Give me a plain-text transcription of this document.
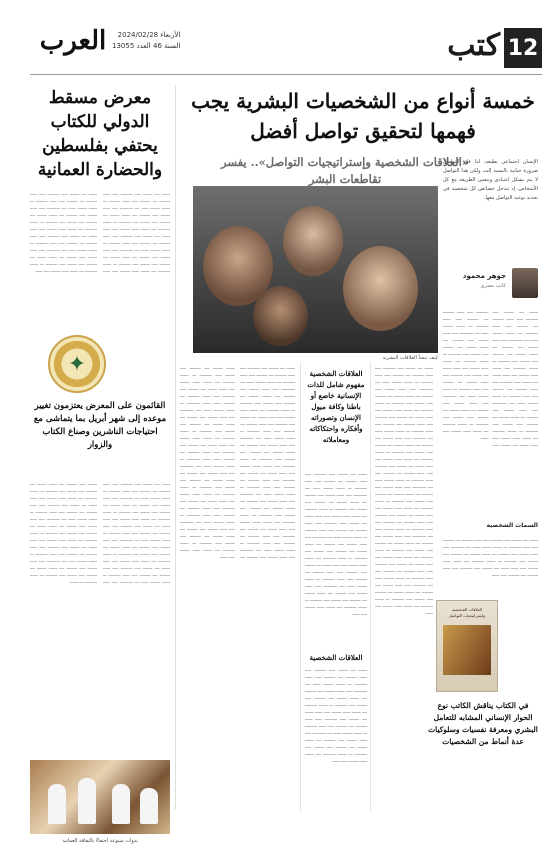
12
كتب
العرب	الأربعاء 2024/02/28
السنة 46 العدد 13055
معرض مسقط الدولي للكتاب يحتفي بفلسطين والحضارة العمانية
ـــــــ ــــ ــــــــ ـــــ ــــــــــ ـــــ ــــــ ـــــــــ ــــ ـــــــــ ـــــ ــــــ ــــــــــ ـــ ـــــــ ــــــــ ــــــ ــــ ـــــــــــ ـــــ ــــــ ــــــــ ـــــ ـــــــــ ــــ ـــــــ ــــــــ ــــ ـــــــــ ـــــ ــــــــ ـــــ ــــــــــ ـــ ـــــــ ــــــــــ ــــ ـــــــ ــــــ ــــــــ ـــــ ــــــ ـــــــ ــــ ــــــــ ـــــ ــــــــــ ـــــ ــــــ ـــــــــ ــــ ـــــــــ ـــــ ــــــ ــــــــــ ـــ ـــــــ ــــــــ ــــــ ــــ ـــــــــــ ـــــ ــــــ ــــــــ ـــــ ـــــــــ ــــ ـــــــ ــــــــ ــــ ـــــــــ ـــــ ــــــــ ـــــ ــــــــــ ـــ ـــــــ ــــــــــ ــــ ـــــــ ــــــ ــــــــ ـــــ ــــــ ـــــــ ــــ ــــــــ ـــــ ــــــــــ ـــــ ــــــ ـــــــــ ــــ ـــــــــ ـــــ ــــــ ــــــــــ ـــ ـــــــ ــــــــ ــــــ ــــ ـــــــــــ ـــــ ــــــ ــــــــ ـــــ ـــــــــ ــــ ـــــــ ــــــــ ــــ ـــــــــ ـــــ ــــــــ ـــــ ــــــــــ ـــ ـــــــ ــــــــــ ــــ ـــــــ ــــــ ــــــــ ـــــ ــــــ ـــــــ ــــ ــــــــ ـــــ ــــــــــ ـــــ ــــــ ـــــــــ ــــ ـــــــــ ـــــ ــــــ ــــــــــ ـــ ـــــــ ــــــــ ــــــ ــــ ـــــــــــ ـــــ ــــــ ــــــــ ـــــ ـــــــــ ــــ ـــــــ ــــــــ ــــ ـــــــــ ـــــ ــــــــ ـــــ ــــــــــ ـــ ـــــــ ــــــــــ ــــ ـــــــ ــــــ ــــــــ ـــــ ــــــ
✦
القائمون على المعرض يعتزمون تغيير موعده إلى شهر أبريل بما يتماشى مع احتياجات الناشرين وصناع الكتاب والزوار
ـــــــ ــــ ــــــــ ـــــ ــــــــــ ـــــ ــــــ ـــــــــ ــــ ـــــــــ ـــــ ــــــ ــــــــــ ـــ ـــــــ ــــــــ ــــــ ــــ ـــــــــــ ـــــ ــــــ ــــــــ ـــــ ـــــــــ ــــ ـــــــ ــــــــ ــــ ـــــــــ ـــــ ــــــــ ـــــ ــــــــــ ـــ ـــــــ ــــــــــ ــــ ـــــــ ــــــ ــــــــ ـــــ ــــــ ـــــــ ــــ ــــــــ ـــــ ــــــــــ ـــــ ــــــ ـــــــــ ــــ ـــــــــ ـــــ ــــــ ــــــــــ ـــ ـــــــ ــــــــ ــــــ ــــ ـــــــــــ ـــــ ــــــ ــــــــ ـــــ ـــــــــ ــــ ـــــــ ــــــــ ــــ ـــــــــ ـــــ ــــــــ ـــــ ــــــــــ ـــ ـــــــ ــــــــــ ــــ ـــــــ ــــــ ــــــــ ـــــ ــــــ ـــــــ ــــ ــــــــ ـــــ ــــــــــ ـــــ ــــــ ـــــــــ ــــ ـــــــــ ـــــ ــــــ ــــــــــ ـــ ـــــــ ــــــــ ــــــ ــــ ـــــــــــ ـــــ ــــــ ــــــــ ـــــ ـــــــــ ــــ ـــــــ ــــــــ ــــ ـــــــــ ـــــ ــــــــ ـــــ ــــــــــ ـــ ـــــــ ــــــــــ ــــ ـــــــ ــــــ ــــــــ ـــــ ــــــ ـــــــ ــــ ــــــــ ـــــ ــــــــــ ـــــ ــــــ ـــــــــ ــــ ـــــــــ ـــــ ــــــ ــــــــــ ـــ ـــــــ ــــــــ ــــــ ــــ ـــــــــــ ـــــ ــــــ ــــــــ ـــــ ـــــــــ ــــ ـــــــ ــــــــ ــــ ـــــــــ ـــــ ــــــــ ـــــ ــــــــــ ـــ ـــــــ ــــــــــ ــــ ـــــــ ــــــ ــــــــ ـــــ ــــــ ـــــــ ــــ ــــــــ ـــــ ــــــــــ ـــــ ــــــ ـــــــــ ــــ ـــــــــ ـــــ ــــــ ــــــــــ ـــ ـــــــ ــــــــ ــــــ ــــ ـــــــــــ ـــــ ــــــ ــــــــ ـــــ ـــــــــ ــــ ـــــــ ــــــــ ــــ ـــــــــ ـــــ ــــــــ ـــــ ــــــــــ ـــ ـــــــ ــــــــــ ــــ ـــــــ
ندوات متنوعة احتفاءً بالثقافة العمانية
خمسة أنواع من الشخصيات البشرية يجب فهمها لتحقيق تواصل أفضل
«العلاقات الشخصية وإستراتيجيات التواصل».. يفسر تقاطعات البشر
الإنسان اجتماعي بطبعه، لذا فإن التواصل ضرورة حياتية بالنسبة إليه، ولكن هذا التواصل لا يتم بشكل اعتيادي وبنفس الطريقة مع كل الأشخاص، إذ تتدخل خصائص كل شخصية في تحديد نوعية التواصل معها.
جوهر محمود
كاتب مصري
ـــــــ ــــ ــــــــ ـــــ ــــــــــ ـــــ ــــــ ـــــــــ ــــ ـــــــــ ـــــ ــــــ ــــــــــ ـــ ـــــــ ــــــــ ــــــ ــــ ـــــــــــ ـــــ ــــــ ــــــــ ـــــ ـــــــــ ــــ ـــــــ ــــــــ ــــ ـــــــــ ـــــ ــــــــ ـــــ ــــــــــ ـــ ـــــــ ــــــــــ ــــ ـــــــ ــــــ ــــــــ ـــــ ــــــ ـــــــ ــــ ــــــــ ـــــ ــــــــــ ـــــ ــــــ ـــــــــ ــــ ـــــــــ ـــــ ــــــ ــــــــــ ـــ ـــــــ ــــــــ ــــــ ــــ ـــــــــــ ـــــ ــــــ ــــــــ ـــــ ـــــــــ ــــ ـــــــ ــــــــ ــــ ـــــــــ ـــــ ــــــــ ـــــ ــــــــــ ـــ ـــــــ ــــــــــ ــــ ـــــــ ــــــ ــــــــ ـــــ ــــــ ـــــــ ــــ ــــــــ ـــــ ــــــــــ ـــــ ــــــ ـــــــــ ــــ ـــــــــ ـــــ ــــــ ــــــــــ ـــ ـــــــ ــــــــ ــــــ ــــ ـــــــــــ ـــــ ــــــ ــــــــ ـــــ ـــــــــ ــــ ـــــــ ــــــــ ــــ ـــــــــ ـــــ ــــــــ ـــــ ــــــــــ ـــ ـــــــ ــــــــــ ــــ ـــــــ ــــــ ــــــــ ـــــ ــــــ ـــــــ ــــ ــــــــ ـــــ ــــــــــ ـــــ ــــــ ـــــــــ ــــ ـــــــــ ـــــ ــــــ ــــــــــ ـــ ـــــــ ــــــــ ــــــ ــــ ـــــــــــ ـــــ ــــــ ــــــــ ـــــ ـــــــــ ــــ ـــــــ ــــــــ ــــ ـــــــــ ـــــ ــــــــ ـــــ ــــــــــ ـــ ـــــــ ــــــــــ ــــ ـــــــ ــــــ ــــــــ ـــــ ــــــ
السمات الشخصية
ـــــــ ــــ ــــــــ ـــــ ــــــــــ ـــــ ــــــ ـــــــــ ــــ ـــــــــ ـــــ ــــــ ــــــــــ ـــ ـــــــ ــــــــ ــــــ ــــ ـــــــــــ ـــــ ــــــ ــــــــ ـــــ ـــــــــ ــــ ـــــــ ــــــــ ــــ ـــــــــ ـــــ ــــــــ ـــــ ــــــــــ ـــ ـــــــ ــــــــــ ــــ ـــــــ ــــــ ــــــــ ـــــ ــــــ ـــــــ ــــ ــــــــ ـــــ ــــــــــ ـــــ ــــــ ـــــــــ ــــ ـــــــــ ـــــ ــــــ
العلاقات الشخصية وإستراتيجيات التواصل
في الكتاب يناقش الكاتب نوع الحوار الإنساني المشابه للتعامل البشري ومعرفة نفسيات وسلوكيات عدة أنماط من الشخصيات
كيف تنشأ العلاقات البشرية
ـــــــ ــــ ــــــــ ـــــ ــــــــــ ـــــ ــــــ ـــــــــ ــــ ـــــــــ ـــــ ــــــ ــــــــــ ـــ ـــــــ ــــــــ ــــــ ــــ ـــــــــــ ـــــ ــــــ ــــــــ ـــــ ـــــــــ ــــ ـــــــ ــــــــ ــــ ـــــــــ ـــــ ــــــــ ـــــ ــــــــــ ـــ ـــــــ ــــــــــ ــــ ـــــــ ــــــ ــــــــ ـــــ ــــــ ـــــــ ــــ ــــــــ ـــــ ــــــــــ ـــــ ــــــ ـــــــــ ــــ ـــــــــ ـــــ ــــــ ــــــــــ ـــ ـــــــ ــــــــ ــــــ ــــ ـــــــــــ ـــــ ــــــ ــــــــ ـــــ ـــــــــ ــــ ـــــــ ــــــــ ــــ ـــــــــ ـــــ ــــــــ ـــــ ــــــــــ ـــ ـــــــ ــــــــــ ــــ ـــــــ ــــــ ــــــــ ـــــ ــــــ ـــــــ ــــ ــــــــ ـــــ ــــــــــ ـــــ ــــــ ـــــــــ ــــ ـــــــــ ـــــ ــــــ ــــــــــ ـــ ـــــــ ــــــــ ــــــ ــــ ـــــــــــ ـــــ ــــــ ــــــــ ـــــ ـــــــــ ــــ ـــــــ ــــــــ ــــ ـــــــــ ـــــ ــــــــ ـــــ ــــــــــ ـــ ـــــــ ــــــــــ ــــ ـــــــ ــــــ ــــــــ ـــــ ــــــ ـــــــ ــــ ــــــــ ـــــ ــــــــــ ـــــ ــــــ ـــــــــ ــــ ـــــــــ ـــــ ــــــ ــــــــــ ـــ ـــــــ ــــــــ ــــــ ــــ ـــــــــــ ـــــ ــــــ ــــــــ ـــــ ـــــــــ ــــ ـــــــ ــــــــ ــــ ـــــــــ ـــــ ــــــــ ـــــ ــــــــــ ـــ ـــــــ ــــــــــ ــــ ـــــــ ــــــ ــــــــ ـــــ ــــــ ـــــــ ــــ ــــــــ ـــــ ــــــــــ ـــــ ــــــ ـــــــــ ــــ ـــــــــ ـــــ ــــــ ــــــــــ ـــ ـــــــ ــــــــ ــــــ ــــ ـــــــــــ ـــــ ــــــ ــــــــ ـــــ ـــــــــ ــــ ـــــــ ــــــــ ــــ ـــــــــ ـــــ ــــــــ ـــــ ــــــــــ ـــ ـــــــ ــــــــــ ــــ ـــــــ ــــــ ــــــــ ـــــ ــــــ ـــــــ ــــ ــــــــ ـــــ ــــــــــ ـــــ ــــــ ـــــــــ ــــ ـــــــــ ـــــ ــــــ ــــــــــ ـــ ـــــــ ــــــــ ــــــ ــــ ـــــــــــ ـــــ ــــــ ــــــــ ـــــ ـــــــــ ــــ ـــــــ ــــــــ ــــ ـــــــــ ـــــ ــــــــ ـــــ ــــــــــ ـــ ـــــــ ــــــــــ ــــ ـــــــ ــــــ ــــــــ ـــــ ــــــ ـــــــ ــــ ــــــــ ـــــ ــــــــــ ـــــ ــــــ ـــــــــ ــــ ـــــــــ ـــــ ــــــ ــــــــــ ـــ ـــــــ ــــــــ ــــــ ــــ ـــــــــــ ـــــ ــــــ ــــــــ ـــــ ـــــــــ ــــ ـــــــ ــــــــ ــــ ـــــــــ ـــــ ــــــــ ـــــ ــــــــــ ـــ ـــــــ ــــــــــ ــــ ـــــــ ــــــ ــــــــ ـــــ ــــــ
العلاقات الشخصية مفهوم شامل للذات الإنسانية خاضع أو باطنا وكافة ميول الإنسان وتصوراته وأفكاره واحتكاكاته ومعاملاته
ـــــــ ــــ ــــــــ ـــــ ــــــــــ ـــــ ــــــ ـــــــــ ــــ ـــــــــ ـــــ ــــــ ــــــــــ ـــ ـــــــ ــــــــ ــــــ ــــ ـــــــــــ ـــــ ــــــ ــــــــ ـــــ ـــــــــ ــــ ـــــــ ــــــــ ــــ ـــــــــ ـــــ ــــــــ ـــــ ــــــــــ ـــ ـــــــ ــــــــــ ــــ ـــــــ ــــــ ــــــــ ـــــ ــــــ ـــــــ ــــ ــــــــ ـــــ ــــــــــ ـــــ ــــــ ـــــــــ ــــ ـــــــــ ـــــ ــــــ ــــــــــ ـــ ـــــــ ــــــــ ــــــ ــــ ـــــــــــ ـــــ ــــــ ــــــــ ـــــ ـــــــــ ــــ ـــــــ ــــــــ ــــ ـــــــــ ـــــ ــــــــ ـــــ ــــــــــ ـــ ـــــــ ــــــــــ ــــ ـــــــ ــــــ ــــــــ ـــــ ــــــ ـــــــ ــــ ــــــــ ـــــ ــــــــــ ـــــ ــــــ ـــــــــ ــــ ـــــــــ ـــــ ــــــ ــــــــــ ـــ ـــــــ ــــــــ ــــــ ــــ ـــــــــــ ـــــ ــــــ ــــــــ ـــــ ـــــــــ ــــ ـــــــ ــــــــ ــــ ـــــــــ ـــــ ــــــــ ـــــ ــــــــــ ـــ ـــــــ ــــــــــ ــــ ـــــــ ــــــ ــــــــ ـــــ ــــــ
العلاقات الشخصية
ـــــــ ــــ ــــــــ ـــــ ــــــــــ ـــــ ــــــ ـــــــــ ــــ ـــــــــ ـــــ ــــــ ــــــــــ ـــ ـــــــ ــــــــ ــــــ ــــ ـــــــــــ ـــــ ــــــ ــــــــ ـــــ ـــــــــ ــــ ـــــــ ــــــــ ــــ ـــــــــ ـــــ ــــــــ ـــــ ــــــــــ ـــ ـــــــ ــــــــــ ــــ ـــــــ ــــــ ــــــــ ـــــ ــــــ ـــــــ ــــ ــــــــ ـــــ ــــــــــ ـــــ ــــــ ـــــــــ ــــ ـــــــــ ـــــ ــــــ ــــــــــ ـــ ـــــــ ــــــــ ــــــ ــــ ـــــــــــ ـــــ ــــــ ــــــــ ـــــ ـــــــــ ــــ ـــــــ ــــــــ ــــ ـــــــــ ـــــ ــــــــ ـــــ ــــــــــ ـــ ـــــــ ــــــــــ ــــ ـــــــ ــــــ ــــــــ ـــــ ــــــ
ـــــــ ــــ ــــــــ ـــــ ــــــــــ ـــــ ــــــ ـــــــــ ــــ ـــــــــ ـــــ ــــــ ــــــــــ ـــ ـــــــ ــــــــ ــــــ ــــ ـــــــــــ ـــــ ــــــ ــــــــ ـــــ ـــــــــ ــــ ـــــــ ــــــــ ــــ ـــــــــ ـــــ ــــــــ ـــــ ــــــــــ ـــ ـــــــ ــــــــــ ــــ ـــــــ ــــــ ــــــــ ـــــ ــــــ ـــــــ ــــ ــــــــ ـــــ ــــــــــ ـــــ ــــــ ـــــــــ ــــ ـــــــــ ـــــ ــــــ ــــــــــ ـــ ـــــــ ــــــــ ــــــ ــــ ـــــــــــ ـــــ ــــــ ــــــــ ـــــ ـــــــــ ــــ ـــــــ ــــــــ ــــ ـــــــــ ـــــ ــــــــ ـــــ ــــــــــ ـــ ـــــــ ــــــــــ ــــ ـــــــ ــــــ ــــــــ ـــــ ــــــ ـــــــ ــــ ــــــــ ـــــ ــــــــــ ـــــ ــــــ ـــــــــ ــــ ـــــــــ ـــــ ــــــ ــــــــــ ـــ ـــــــ ــــــــ ــــــ ــــ ـــــــــــ ـــــ ــــــ ــــــــ ـــــ ـــــــــ ــــ ـــــــ ــــــــ ــــ ـــــــــ ـــــ ــــــــ ـــــ ــــــــــ ـــ ـــــــ ــــــــــ ــــ ـــــــ ــــــ ــــــــ ـــــ ــــــ ـــــــ ــــ ــــــــ ـــــ ــــــــــ ـــــ ــــــ ـــــــــ ــــ ـــــــــ ـــــ ــــــ ــــــــــ ـــ ـــــــ ــــــــ ــــــ ــــ ـــــــــــ ـــــ ــــــ ــــــــ ـــــ ـــــــــ ــــ ـــــــ ــــــــ ــــ ـــــــــ ـــــ ــــــــ ـــــ ــــــــــ ـــ ـــــــ ــــــــــ ــــ ـــــــ ــــــ ــــــــ ـــــ ــــــ ـــــــ ــــ ــــــــ ـــــ ــــــــــ ـــــ ــــــ ـــــــــ ــــ ـــــــــ ـــــ ــــــ ــــــــــ ـــ ـــــــ ــــــــ ــــــ ــــ ـــــــــــ ـــــ ــــــ ــــــــ ـــــ ـــــــــ ــــ ـــــــ ــــــــ ــــ ـــــــــ ـــــ ــــــــ ـــــ ــــــــــ ـــ ـــــــ ــــــــــ ــــ ـــــــ ــــــ ــــــــ ـــــ ــــــ
